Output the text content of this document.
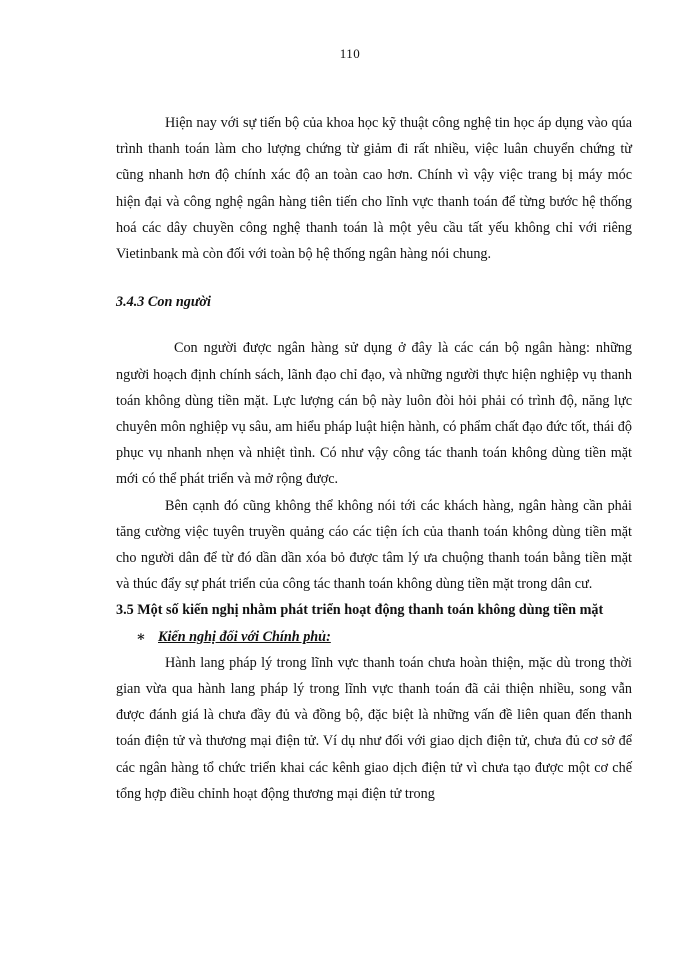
110

Hiện nay với sự tiến bộ của khoa học kỹ thuật công nghệ tin học áp dụng vào qúa trình thanh toán làm cho lượng chứng từ giảm đi rất nhiều, việc luân chuyển chứng từ cũng nhanh hơn độ chính xác độ an toàn cao hơn. Chính vì vậy việc trang bị máy móc hiện đại và công nghệ ngân hàng tiên tiến cho lĩnh vực thanh toán để từng bước hệ thống hoá các dây chuyền công nghệ thanh toán là một yêu cầu tất yếu không chỉ với riêng Vietinbank mà còn đối với toàn bộ hệ thống ngân hàng nói chung.

3.4.3 Con người

Con người được ngân hàng sử dụng ở đây là các cán bộ ngân hàng: những người hoạch định chính sách, lãnh đạo chỉ đạo, và những người thực hiện nghiệp vụ thanh toán không dùng tiền mặt. Lực lượng cán bộ này luôn đòi hỏi phải có trình độ, năng lực chuyên môn nghiệp vụ sâu, am hiểu pháp luật hiện hành, có phẩm chất đạo đức tốt, thái độ phục vụ nhanh nhẹn và nhiệt tình. Có như vậy công tác thanh toán không dùng tiền mặt mới có thể phát triển và mở rộng được.

Bên cạnh đó cũng không thể không nói tới các khách hàng, ngân hàng cần phải tăng cường việc tuyên truyền quảng cáo các tiện ích của thanh toán không dùng tiền mặt cho người dân để từ đó dần dần xóa bỏ được tâm lý ưa chuộng thanh toán bằng tiền mặt và thúc đẩy sự phát triển của công tác thanh toán không dùng tiền mặt trong dân cư.

3.5 Một số kiến nghị nhằm phát triển hoạt động thanh toán không dùng tiền mặt

∗ Kiến nghị đối với Chính phủ:

Hành lang pháp lý trong lĩnh vực thanh toán chưa hoàn thiện, mặc dù trong thời gian vừa qua hành lang pháp lý trong lĩnh vực thanh toán đã cải thiện nhiều, song vẫn được đánh giá là chưa đầy đủ và đồng bộ, đặc biệt là những vấn đề liên quan đến thanh toán điện tử và thương mại điện tử. Ví dụ như đối với giao dịch điện tử, chưa đủ cơ sở để các ngân hàng tổ chức triển khai các kênh giao dịch điện tử vì chưa tạo được một cơ chế tổng hợp điều chỉnh hoạt động thương mại điện tử trong
